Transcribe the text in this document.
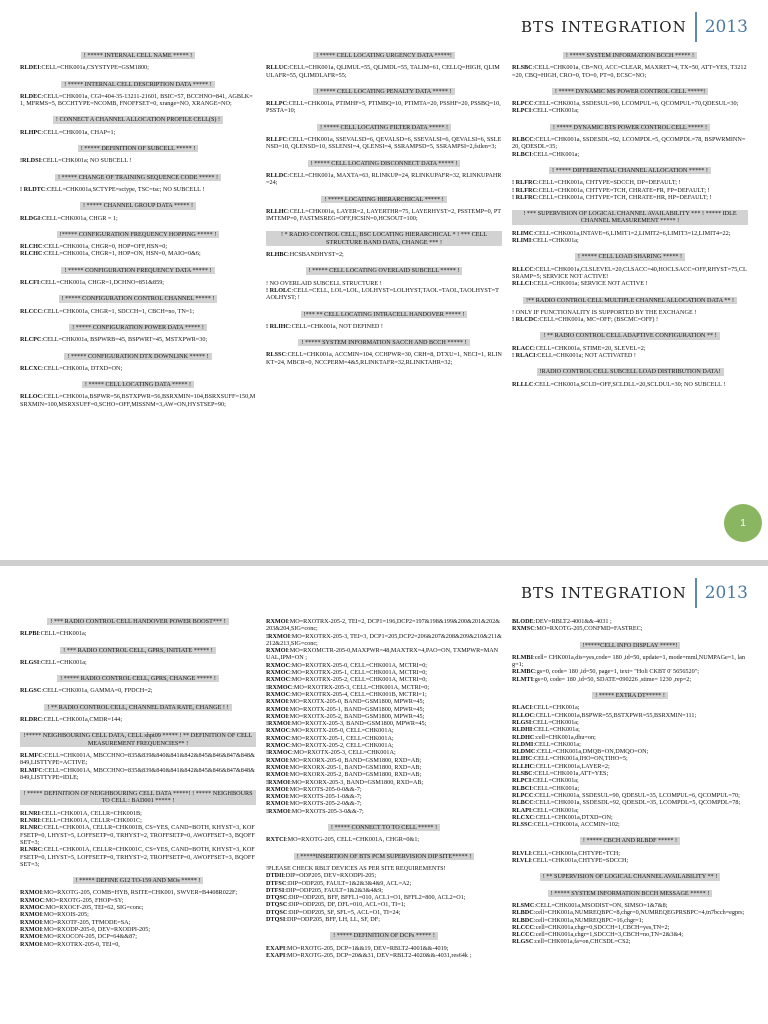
BTS INTEGRATION	2013
! ***** INTERNAL CELL NAME ***** !
RLDEI:CELL=CHK001a,CSYSTYPE=GSM1800;
! ***** INTERNAL CELL DESCRIPTION DATA ***** !
RLDEC:CELL=CHK001a, CGI=404-35-13211-21601, BSIC=57, BCCHNO=841, AGBLK=1, MFRMS=5, BCCHTYPE=NCOMB, FNOFFSET=0, xrange=NO, XRANGE=NO;
! CONNECT A CHANNEL ALLOCATION PROFILE CELL(S) !
RLHPC:CELL=CHK001a, CHAP=1;
! ***** DEFINITION OF SUBCELL ***** !
!RLDSI:CELL=CHK001a; NO SUBCELL !
! ***** CHANGE OF TRAINING SEQUENCE CODE ***** !
! RLDTC:CELL=CHK001a,SCTYPE=sctype, TSC=tsc; NO SUBCELL !
! ***** CHANNEL GROUP DATA ***** !
RLDGI:CELL=CHK001a, CHGR = 1;
!***** CONFIGURATION FREQUENCY HOPPING ***** !
RLCHC:CELL=CHK001a, CHGR=0, HOP=OFF,HSN=0;
RLCHC:CELL=CHK001a, CHGR=1, HOP=ON, HSN=0, MAIO=0&6;
! ***** CONFIGURATION FREQUENCY DATA ***** !
RLCFI:CELL=CHK001a, CHGR=1,DCHNO=851&859;
! ***** CONFIGURATION CONTROL CHANNEL ***** !
RLCCC:CELL=CHK001a, CHGR=1, SDCCH=1, CBCH=no, TN=1;
! ***** CONFIGURATION POWER DATA ***** !
RLCPC:CELL=CHK001a, BSPWRB=45, BSPWRT=45, MSTXPWR=30;
! ***** CONFIGURATION DTX DOWNLINK ***** !
RLCXC:CELL=CHK001a, DTXD=ON;
! ***** CELL LOCATING DATA ***** !
RLLOC:CELL=CHK001a,BSPWR=56,BSTXPWR=56,BSRXMIN=104,BSRXSUFF=150,MSRXMIN=100,MSRXSUFF=0,SCHO=OFF,MISSNM=3,AW=ON,HYSTSEP=90;
! ***** CELL LOCATING URGENCY DATA *****!
RLLUC:CELL=CHK001a, QLIMUL=55, QLIMDL=55, TALIM=61, CELLQ=HIGH, QLIMULAFR=55, QLIMDLAFR=55;
! ***** CELL LOCATING PENALTY DATA ***** !
RLLPC:CELL=CHK001a, PTIMHF=5, PTIMBQ=10, PTIMTA=20, PSSHF=20, PSSBQ=10, PSSTA=10;
! ***** CELL LOCATING FILTER DATA ***** !
RLLFC:CELL=CHK001a, SSEVALSD=6, QEVALSD=6, SSEVALSI=6, QEVALSI=6, SSLENSD=10, QLENSD=10, SSLENSI=4, QLENSI=4, SSRAMPSD=5, SSRAMPSI=2,fstlen=3;
! ***** CELL LOCATING DISCONNECT DATA ***** !
RLLDC:CELL=CHK001a, MAXTA=63, RLINKUP=24, RLINKUPAFR=32, RLINKUPAHR=24;
! ***** LOCATING HIERARCHICAL ***** !
RLLHC:CELL=CHK001a, LAYER=2, LAYERTHR=75, LAYERHYST=2, PSSTEMP=0, PTIMTEMP=0, FASTMSREG=OFF,HCSIN=0,HCSOUT=100;
! * RADIO CONTROL CELL, BSC LOCATING HIERARCHICAL * ! *** CELL STRUCTURE BAND DATA, CHANGE *** !
RLHBC:HCSBANDHYST=2;
! ***** CELL LOCATING OVERLAID SUBCELL ***** !
! NO OVERLAID SUBCELL STRUCTURE !
! RLOLC:CELL=CELL, LOL=LOL, LOLHYST=LOLHYST,TAOL=TAOL,TAOLHYST=TAOLHYST; !
!*** ** CELL LOCATING INTRACELL HANDOVER ***** !
! RLIHC:CELL=CHK001a, NOT DEFINED !
! ***** SYSTEM INFORMATION SACCH AND BCCH ***** !
RLSSC:CELL=CHK001a, ACCMIN=104, CCHPWR=30, CRH=8, DTXU=1, NECI=1, RLINKT=24, MBCR=0, NCCPERM=4&5,RLINKTAFR=32,RLINKTAHR=32;
! ***** SYSTEM INFORMATION BCCH ***** !
RLSBC:CELL=CHK001a, CB=NO, ACC=CLEAR, MAXRET=4, TX=50, ATT=YES, T3212=20, CBQ=HIGH, CRO=0, TO=0, PT=0, ECSC=NO;
! ***** DYNAMIC MS POWER CONTROL CELL *****!
RLPCC:CELL=CHK001a, SSDESUL=90, LCOMPUL=6, QCOMPUL=70,QDESUL=30;
RLPCI:CELL=CHK001a;
! ***** DYNAMIC BTS POWER CONTROL CELL ***** !
RLBCC:CELL=CHK001a, SSDESDL=92, LCOMPDL=5, QCOMPDL=78, BSPWRMINN=20, QDESDL=35;
RLBCI:CELL=CHK001a;
! ***** DIFFERENTIAL CHANNEL ALLOCATION ***** !
! RLFRC:CELL=CHK001a, CHTYPE=SDCCH, DP=DEFAULT; !
! RLFRC:CELL=CHK001a, CHTYPE=TCH, CHRATE=FR, FP=DEFAULT; !
! RLFRC:CELL=CHK001a, CHTYPE=TCH, CHRATE=HR, HP=DEFAULT; !
! *** SUPERVISION OF LOGICAL CHANNEL AVAILABILITY *** ! ***** IDLE CHANNEL MEASUREMENT ***** !
RLIMC:CELL=CHK001a,INTAVE=6,LIMIT1=2,LIMIT2=6,LIMIT3=12,LIMIT4=22;
RLIMI:CELL=CHK001a;
! ***** CELL LOAD SHARING ***** !
RLLCC:CELL=CHK001a,CLSLEVEL=20,CLSACC=40,HOCLSACC=OFF,RHYST=75,CLSRAMP=5; SERVICE NOT ACTIVE!
RLLCI:CELL=CHK001a; SERVICE NOT ACTIVE !
!** RADIO CONTROL CELL MULTIPLE CHANNEL ALLOCATION DATA ** !
! ONLY IF FUNCTIONALITY IS SUPPORTED BY THE EXCHANGE !
! RLCDC:CELL=CHK001a, MC=OFF; (BSCMC=OFF) !
! ** RADIO CONTROL CELL ADAPTIVE CONFIGURATION ** !
RLACC:CELL=CHK001a, STIME=20, SLEVEL=2;
! RLACI:CELL=CHK001a; NOT ACTIVATED !
!RADIO CONTROL CELL SUBCELL LOAD DISTRIBUTION DATA!
RLLLC:CELL=CHK001a,SCLD=OFF,SCLDLL=20,SCLDUL=30; NO SUBCELL !
1
BTS INTEGRATION	2013
! *** RADIO CONTROL CELL HANDOVER POWER BOOST*** !
RLPBI:CELL=CHK001a;
! *** RADIO CONTROL CELL, GPRS, INITIATE ***** !
RLGSI:CELL=CHK001a;
! ***** RADIO CONTROL CELL, GPRS, CHANGE ***** !
RLGSC:CELL=CHK001a, GAMMA=0, FPDCH=2;
! ** RADIO CONTROL CELL, CHANNEL DATA RATE, CHANGE ! !
RLDRC:CELL=CHK001a,CMDR=144;
!***** NEIGHBOURING CELL DATA, CELL shpt09 ***** ! ** DEFINITION OF CELL MEASUREMENT FREQUENCIES** !
RLMFC:CELL=CHK001A, MBCCHNO=835&839&840&841&842&845&846&847&848&849,LISTTYPE=ACTIVE;
RLMFC:CELL=CHK001A, MBCCHNO=835&839&840&841&842&845&846&847&848&849,LISTTYPE=IDLE;
! ***** DEFINITION OF NEIGHBOURING CELL DATA *****! ! ***** NEIGHBOURS TO CELL : BAD001 ***** !
RLNRI:CELL=CHK001A, CELLR=CHK001B;
RLNRI:CELL=CHK001A, CELLR=CHK001C;
RLNRC:CELL=CHK001A, CELLR=CHK001B, CS=YES, CAND=BOTH, KHYST=3, KOFFSETP=0, LHYST=5, LOFFSETP=0, TRHYST=2, TROFFSETP=0, AWOFFSET=3, BQOFFSET=3;
RLNRC:CELL=CHK001A, CELLR=CHK001C, CS=YES, CAND=BOTH, KHYST=3, KOFFSETP=0, LHYST=5, LOFFSETP=0, TRHYST=2, TROFFSETP=0, AWOFFSET=3, BQOFFSET=3;
! ***** DEFINE G12 TO-159 AND MOs ***** !
RXMOI:MO=RXOTG-205, COMB=HYB, RSITE=CHK001, SWVER=B4408R022F;
RXMOC:MO=RXOTG-205, FHOP=SY;
RXMOC:MO=RXOCF-205, TEI=62, SIG=conc;
RXMOI:MO=RXOIS-205;
RXMOI:MO=RXOTF-205, TFMODE=SA;
RXMOI:MO=RXODP-205-0, DEV=RXODPI-205;
RXMOI:MO=RXOCON-205, DCP=64&&87;
RXMOI:MO=RXOTRX-205-0, TEI=0,
RXMOI:MO=RXOTRX-205-2, TEI=2, DCP1=196,DCP2=197&198&199&200&201&202&203&204,SIG=conc;
!RXMOI:MO=RXOTRX-205-3, TEI=3, DCP1=205,DCP2=206&207&208&209&210&211&212&213,SIG=conc;
RXMOI:MO=RXOMCTR-205-0,MAXPWR=48,MAXTRX=4,PAO=ON, TXMPWR=MANUAL,IPM=ON ;
RXMOC:MO=RXOTRX-205-0, CELL=CHK001A, MCTRI=0;
RXMOC:MO=RXOTRX-205-1, CELL=CHK001A, MCTRI=0;
RXMOC:MO=RXOTRX-205-2, CELL=CHK001A, MCTRI=0;
!RXMOC:MO=RXOTRX-205-3, CELL=CHK001A, MCTRI=0;
RXMOC:MO=RXOTRX-205-4, CELL=CHK001B, MCTRI=1;
RXMOI:MO=RXOTX-205-0, BAND=GSM1800, MPWR=45;
RXMOI:MO=RXOTX-205-1, BAND=GSM1800, MPWR=45;
RXMOI:MO=RXOTX-205-2, BAND=GSM1800, MPWR=45;
!RXMOI:MO=RXOTX-205-3, BAND=GSM1800, MPWR=45;
RXMOC:MO=RXOTX-205-0, CELL=CHK001A;
RXMOC:MO=RXOTX-205-1, CELL=CHK001A;
RXMOC:MO=RXOTX-205-2, CELL=CHK001A;
!RXMOC:MO=RXOTX-205-3, CELL=CHK001A;
RXMOI:MO=RXORX-205-0, BAND=GSM1800, RXD=AB;
RXMOI:MO=RXORX-205-1, BAND=GSM1800, RXD=AB;
RXMOI:MO=RXORX-205-2, BAND=GSM1800, RXD=AB;
!RXMOI:MO=RXORX-205-3, BAND=GSM1800, RXD=AB;
RXMOI:MO=RXOTS-205-0-0&&-7;
RXMOI:MO=RXOTS-205-1-0&&-7;
RXMOI:MO=RXOTS-205-2-0&&-7;
!RXMOI:MO=RXOTS-205-3-0&&-7;
! ***** CONNECT TO TO CELL ***** !
RXTCI:MO=RXOTG-205, CELL=CHK001A, CHGR=0&1;
! *****INSERTION OF BTS PCM SUPERVISION DIP SITE***** !
!PLEASE CHECK RBLT DEVICES AS PER SITE REQUIREMENTS!
DTDII:DIP=ODP205, DEV=RXODPI-205;
DTFSC:DIP=ODP205, FAULT=1&2&3&4&9, ACL=A2;
DTFSI:DIP=ODP205, FAULT=1&2&3&4&9;
DTQSC:DIP=ODP205, BFF, BFFL1=010, ACL1=O1, BFFL2=800, ACL2=O1;
DTQSC:DIP=ODP205, DF, DFL=010, ACL=O1, TI=1;
DTQSC:DIP=ODP205, SF, SFL=5, ACL=O1, TI=24;
DTQSI:DIP=ODP205, BFF, LH, LL, SF, DF;
! ***** DEFINITION OF DCPs ***** !
EXAPI:MO=RXOTG-205, DCP=1&&19, DEV=RBLT2-4001&&-4019;
EXAPI:MO=RXOTG-205, DCP=20&&31, DEV=RBLT2-4020&&-4031,res64k ;
BLODE:DEV=RBLT2-4001&&-4031 ;
RXMSC:MO=RXOTG-205,CONFMD=FASTREC;
!*****CELL INFO DISPLAY *****!
RLMBI:cell= CHK001a,dis=yes,code= 180 ,id=50, update=1, mode=mml,NUMPAGe=1, lang=1;
RLMBC:gs=0, code= 180 ,id=50, page=1, text= "Holi CKBT 0' 5656520";
RLMTI:gs=0, code= 180 ,id=50, SDATE=090226 ,stime= 1230 ,rep=2;
! ***** EXTRA DT***** !
RLACI:CELL=CHK001a;
RLLOC:CELL=CHK001a,BSPWR=55,BSTXPWR=55,BSRXMIN=111;
RLGSI:CELL=CHK001a;
RLDHI:CELL=CHK001a;
RLDHC:cell=CHK001a,dhu=on;
RLDMI:CELL=CHK001a;
RLDMC:CELL=CHK001a,DMQB=ON,DMQO=ON;
RLIHC:CELL=CHK001a,IHO=ON,TIHO=5;
RLLHC:CELL=CHK001a,LAYER=2;
RLSBC:CELL=CHK001a,ATT=YES;
RLPCI:CELL=CHK001a;
RLBCI:CELL=CHK001a;
RLPCC:CELL=CHK001a, SSDESUL=90, QDESUL=35, LCOMPUL=6, QCOMPUL=70;
RLBCC:CELL=CHK001a, SSDESDL=92, QDESDL=35, LCOMPDL=5, QCOMPDL=78;
RLAPI:CELL=CHK001a;
RLCXC:CELL=CHK001a,DTXD=ON;
RLSSC:CELL=CHK001a, ACCMIN=102;
! ***** CBCH AND RLBDF ***** !
RLVLI:CELL=CHK001a,CHTYPE=TCH;
RLVLI:CELL=CHK001a,CHTYPE=SDCCH;
! ** SUPERVISION OF LOGICAL CHANNEL AVAILABILITY ** !
! ***** SYSTEM INFORMATION BCCH MESSAGE ***** !
RLSMC:CELL=CHK001a,MSODIST=ON, SIMSO=1&7&8;
RLBDC:cell=CHK001a,NUMREQBPC=8,chgr=0,NUMREQEGPRSBPC=4,tn7bcch=egprs;
RLBDC:cell=CHK001a,NUMREQBPC=16,chgr=1;
RLCCC:cell=CHK001a,chgr=0,SDCCH=1,CBCH=yes,TN=2;
RLCCC:cell=CHK001a,chgr=1,SDCCH=3,CBCH=no,TN=2&3&4;
RLGSC:cell=CHK001a,fa=on,CHCSDL=CS2;
